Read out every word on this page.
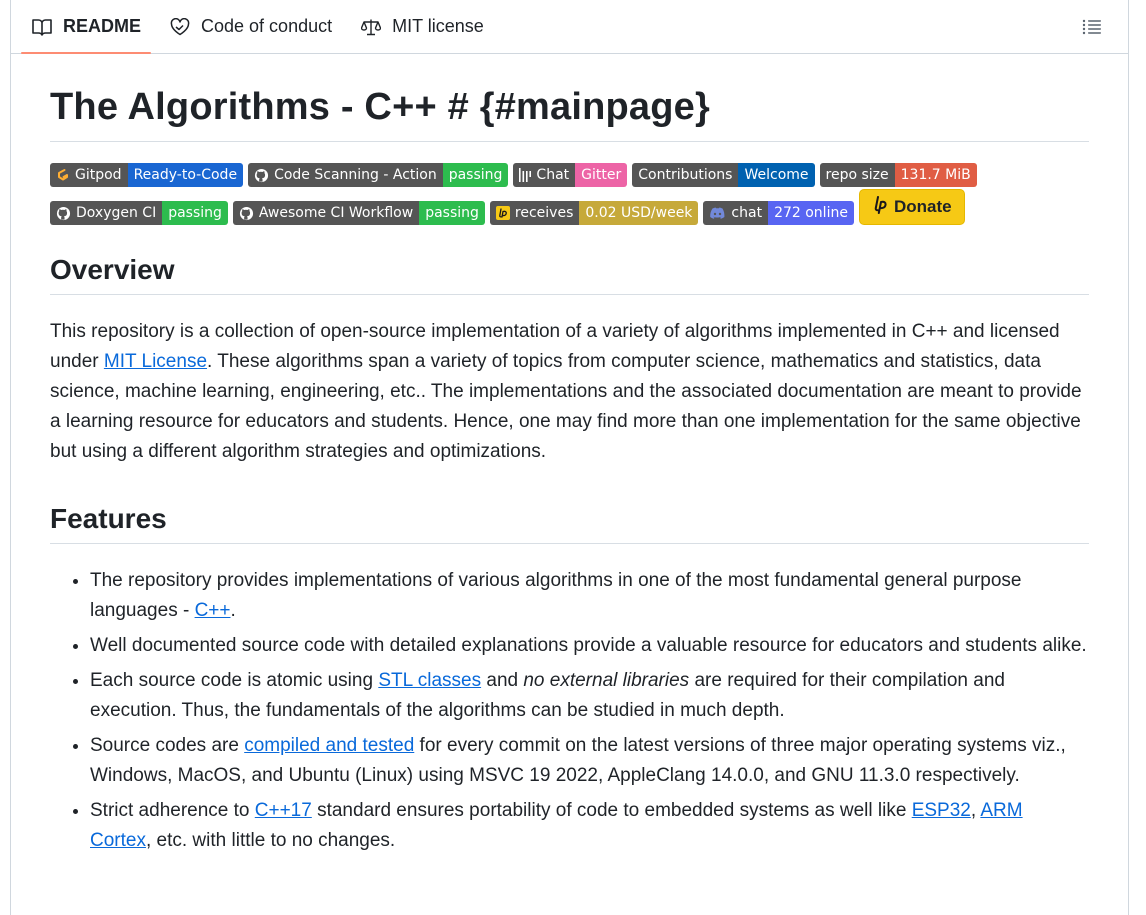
README	Code of conduct	MIT license
The Algorithms - C++ # {#mainpage}
Gitpod Ready-to-Code	Code Scanning - Action passing	Chat Gitter	Contributions Welcome	repo size 131.7 MiB
Doxygen CI passing	Awesome CI Workflow passing	receives 0.02 USD/week	chat 272 online	Donate
Overview

This repository is a collection of open-source implementation of a variety of algorithms implemented in C++ and licensed under MIT License. These algorithms span a variety of topics from computer science, mathematics and statistics, data science, machine learning, engineering, etc.. The implementations and the associated documentation are meant to provide a learning resource for educators and students. Hence, one may find more than one implementation for the same objective but using a different algorithm strategies and optimizations.

Features
• The repository provides implementations of various algorithms in one of the most fundamental general purpose languages - C++.
• Well documented source code with detailed explanations provide a valuable resource for educators and students alike.
• Each source code is atomic using STL classes and no external libraries are required for their compilation and execution. Thus, the fundamentals of the algorithms can be studied in much depth.
• Source codes are compiled and tested for every commit on the latest versions of three major operating systems viz., Windows, MacOS, and Ubuntu (Linux) using MSVC 19 2022, AppleClang 14.0.0, and GNU 11.3.0 respectively.
• Strict adherence to C++17 standard ensures portability of code to embedded systems as well like ESP32, ARM Cortex, etc. with little to no changes.
